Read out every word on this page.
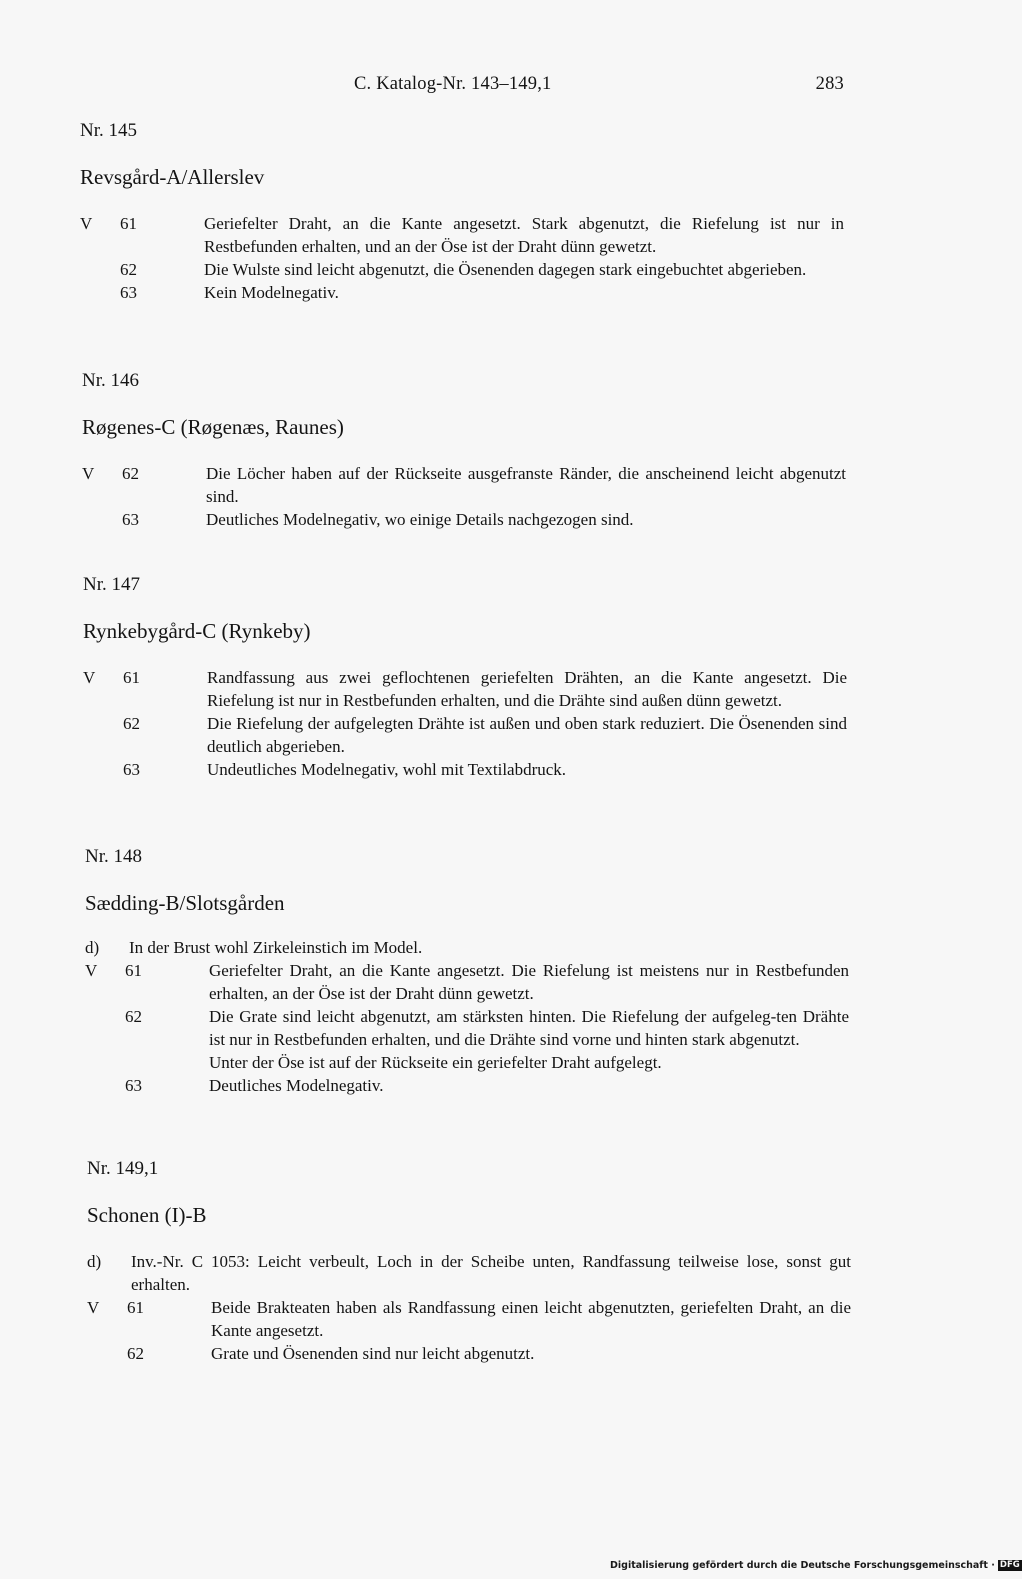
C. Katalog-Nr. 143–149,1	283
Nr. 145
Revsgård-A/Allerslev
V 61	Geriefelter Draht, an die Kante angesetzt. Stark abgenutzt, die Riefelung ist nur in Restbefunden erhalten, und an der Öse ist der Draht dünn gewetzt.
62	Die Wulste sind leicht abgenutzt, die Ösenenden dagegen stark eingebuchtet abgerieben.
63	Kein Modelnegativ.
Nr. 146
Røgenes-C (Røgenæs, Raunes)
V 62	Die Löcher haben auf der Rückseite ausgefranste Ränder, die anscheinend leicht abgenutzt sind.
63	Deutliches Modelnegativ, wo einige Details nachgezogen sind.
Nr. 147
Rynkebygård-C (Rynkeby)
V 61	Randfassung aus zwei geflochtenen geriefelten Drähten, an die Kante angesetzt. Die Riefelung ist nur in Restbefunden erhalten, und die Drähte sind außen dünn gewetzt.
62	Die Riefelung der aufgelegten Drähte ist außen und oben stark reduziert. Die Ösenenden sind deutlich abgerieben.
63	Undeutliches Modelnegativ, wohl mit Textilabdruck.
Nr. 148
Sædding-B/Slotsgården
d) In der Brust wohl Zirkeleinstich im Model.
V 61	Geriefelter Draht, an die Kante angesetzt. Die Riefelung ist meistens nur in Restbefunden erhalten, an der Öse ist der Draht dünn gewetzt.
62	Die Grate sind leicht abgenutzt, am stärksten hinten. Die Riefelung der aufgeleg-ten Drähte ist nur in Restbefunden erhalten, und die Drähte sind vorne und hinten stark abgenutzt.
Unter der Öse ist auf der Rückseite ein geriefelter Draht aufgelegt.
63	Deutliches Modelnegativ.
Nr. 149,1
Schonen (I)-B
d) Inv.-Nr. C 1053: Leicht verbeult, Loch in der Scheibe unten, Randfassung teilweise lose, sonst gut erhalten.
V 61	Beide Brakteaten haben als Randfassung einen leicht abgenutzten, geriefelten Draht, an die Kante angesetzt.
62	Grate und Ösenenden sind nur leicht abgenutzt.
Digitalisierung gefördert durch die Deutsche Forschungsgemeinschaft · DFG
